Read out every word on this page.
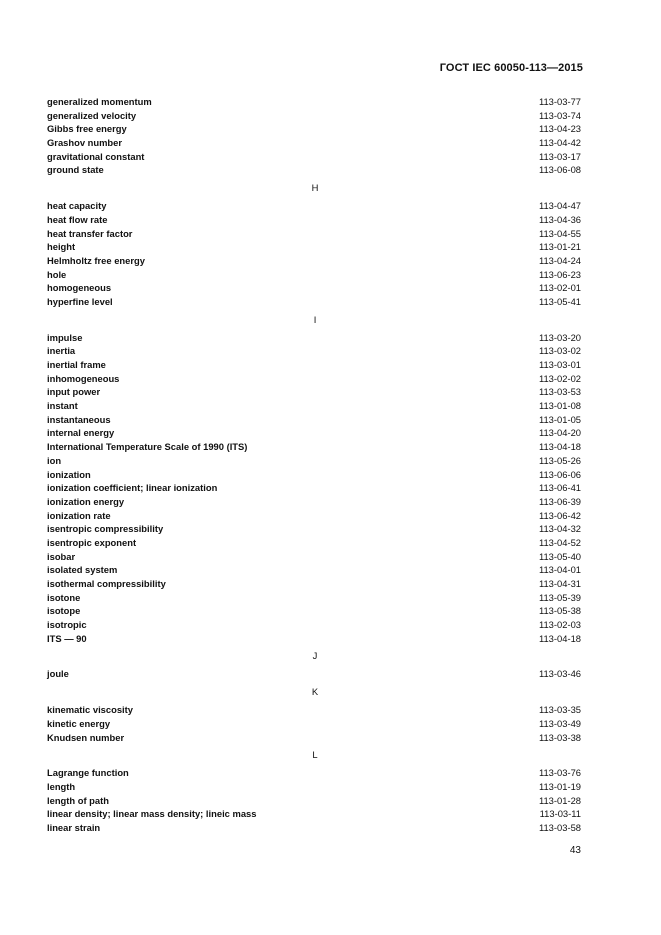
ГОСТ IEC 60050-113—2015
generalized momentum	113-03-77
generalized velocity	113-03-74
Gibbs free energy	113-04-23
Grashov number	113-04-42
gravitational constant	113-03-17
ground state	113-06-08
H
heat capacity	113-04-47
heat flow rate	113-04-36
heat transfer factor	113-04-55
height	113-01-21
Helmholtz free energy	113-04-24
hole	113-06-23
homogeneous	113-02-01
hyperfine level	113-05-41
I
impulse	113-03-20
inertia	113-03-02
inertial frame	113-03-01
inhomogeneous	113-02-02
input power	113-03-53
instant	113-01-08
instantaneous	113-01-05
internal energy	113-04-20
International Temperature Scale of 1990 (ITS)	113-04-18
ion	113-05-26
ionization	113-06-06
ionization coefficient; linear ionization	113-06-41
ionization energy	113-06-39
ionization rate	113-06-42
isentropic compressibility	113-04-32
isentropic exponent	113-04-52
isobar	113-05-40
isolated system	113-04-01
isothermal compressibility	113-04-31
isotone	113-05-39
isotope	113-05-38
isotropic	113-02-03
ITS — 90	113-04-18
J
joule	113-03-46
K
kinematic viscosity	113-03-35
kinetic energy	113-03-49
Knudsen number	113-03-38
L
Lagrange function	113-03-76
length	113-01-19
length of path	113-01-28
linear density; linear mass density; lineic mass	113-03-11
linear strain	113-03-58
43
